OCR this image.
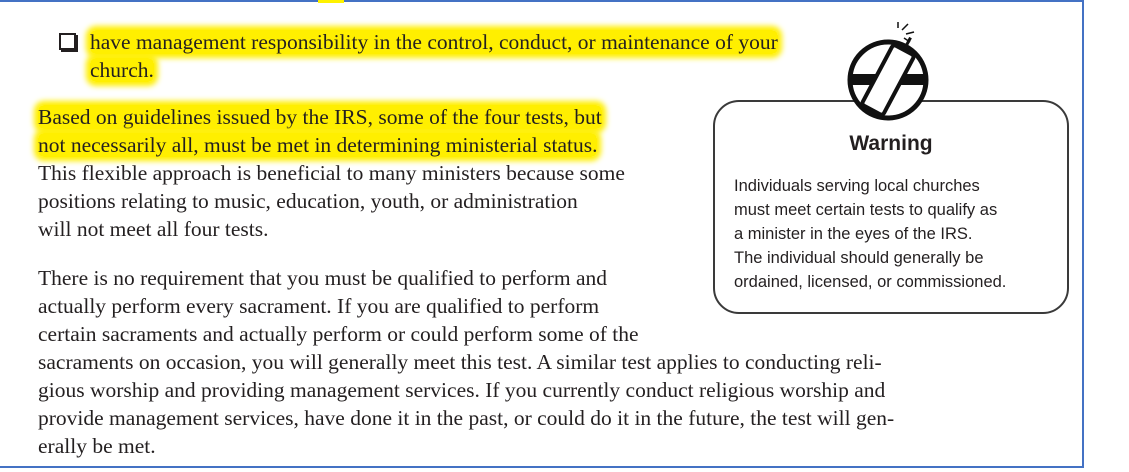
have management responsibility in the control, conduct, or maintenance of your
church.
Based on guidelines issued by the IRS, some of the four tests, but
not necessarily all, must be met in determining ministerial status.
This flexible approach is beneficial to many ministers because some
positions relating to music, education, youth, or administration
will not meet all four tests.
There is no requirement that you must be qualified to perform and
actually perform every sacrament. If you are qualified to perform
certain sacraments and actually perform or could perform some of the
sacraments on occasion, you will generally meet this test. A similar test applies to conducting reli-
gious worship and providing management services. If you currently conduct religious worship and
provide management services, have done it in the past, or could do it in the future, the test will gen-
erally be met.
Warning
Individuals serving local churches
must meet certain tests to qualify as
a minister in the eyes of the IRS.
The individual should generally be
ordained, licensed, or commissioned.
